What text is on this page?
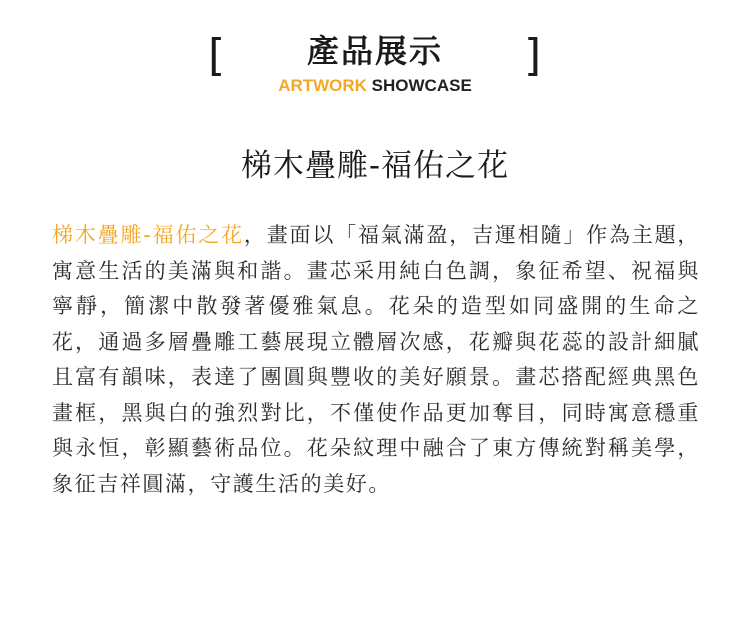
[	產品展示
ARTWORK SHOWCASE
]
梯木疊雕-福佑之花

梯木疊雕-福佑之花，畫面以「福氣滿盈，吉運相隨」作為主題，寓意生活的美滿與和諧。畫芯采用純白色調，象征希望、祝福與寧靜，簡潔中散發著優雅氣息。花朵的造型如同盛開的生命之花，通過多層疊雕工藝展現立體層次感，花瓣與花蕊的設計細膩且富有韻味，表達了團圓與豐收的美好願景。畫芯搭配經典黑色畫框，黑與白的強烈對比，不僅使作品更加奪目，同時寓意穩重與永恒，彰顯藝術品位。花朵紋理中融合了東方傳統對稱美學，象征吉祥圓滿，守護生活的美好。
